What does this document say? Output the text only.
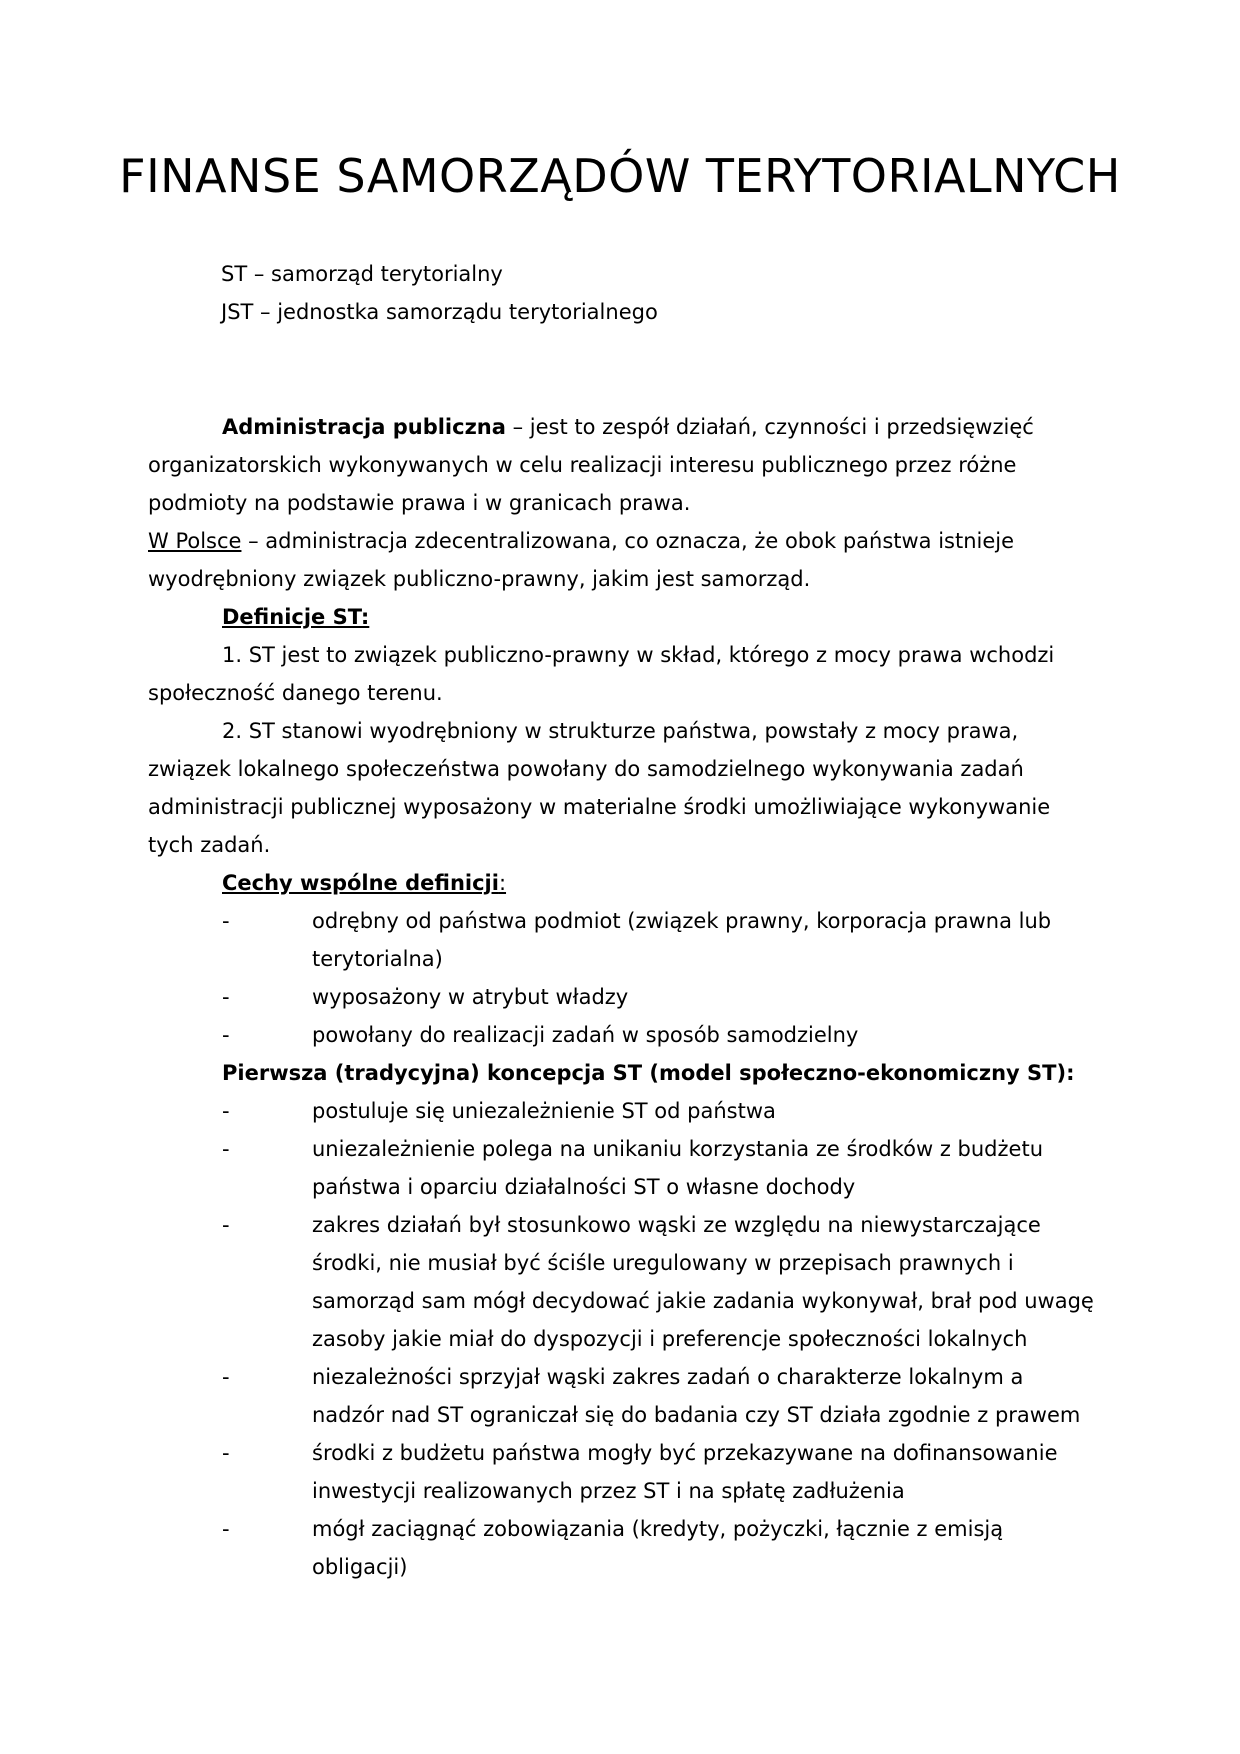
FINANSE SAMORZĄDÓW TERYTORIALNYCH
ST – samorząd terytorialny
JST – jednostka samorządu terytorialnego

Administracja publiczna – jest to zespół działań, czynności i przedsięwzięć organizatorskich wykonywanych w celu realizacji interesu publicznego przez różne podmioty na podstawie prawa i w granicach prawa.

W Polsce – administracja zdecentralizowana, co oznacza, że obok państwa istnieje wyodrębniony związek publiczno-prawny, jakim jest samorząd.

Definicje ST:

1. ST jest to związek publiczno-prawny w skład, którego z mocy prawa wchodzi społeczność danego terenu.

2. ST stanowi wyodrębniony w strukturze państwa, powstały z mocy prawa, związek lokalnego społeczeństwa powołany do samodzielnego wykonywania zadań administracji publicznej wyposażony w materialne środki umożliwiające wykonywanie tych zadań.

Cechy wspólne definicji:

-	odrębny od państwa podmiot (związek prawny, korporacja prawna lub terytorialna)
-	wyposażony w atrybut władzy
-	powołany do realizacji zadań w sposób samodzielny

Pierwsza (tradycyjna) koncepcja ST (model społeczno-ekonomiczny ST):

-	postuluje się uniezależnienie ST od państwa
-	uniezależnienie polega na unikaniu korzystania ze środków z budżetu państwa i oparciu działalności ST o własne dochody
-	zakres działań był stosunkowo wąski ze względu na niewystarczające środki, nie musiał być ściśle uregulowany w przepisach prawnych i samorząd sam mógł decydować jakie zadania wykonywał, brał pod uwagę zasoby jakie miał do dyspozycji i preferencje społeczności lokalnych
-	niezależności sprzyjał wąski zakres zadań o charakterze lokalnym a nadzór nad ST ograniczał się do badania czy ST działa zgodnie z prawem
-	środki z budżetu państwa mogły być przekazywane na dofinansowanie inwestycji realizowanych przez ST i na spłatę zadłużenia
-	mógł zaciągnąć zobowiązania (kredyty, pożyczki, łącznie z emisją obligacji)
